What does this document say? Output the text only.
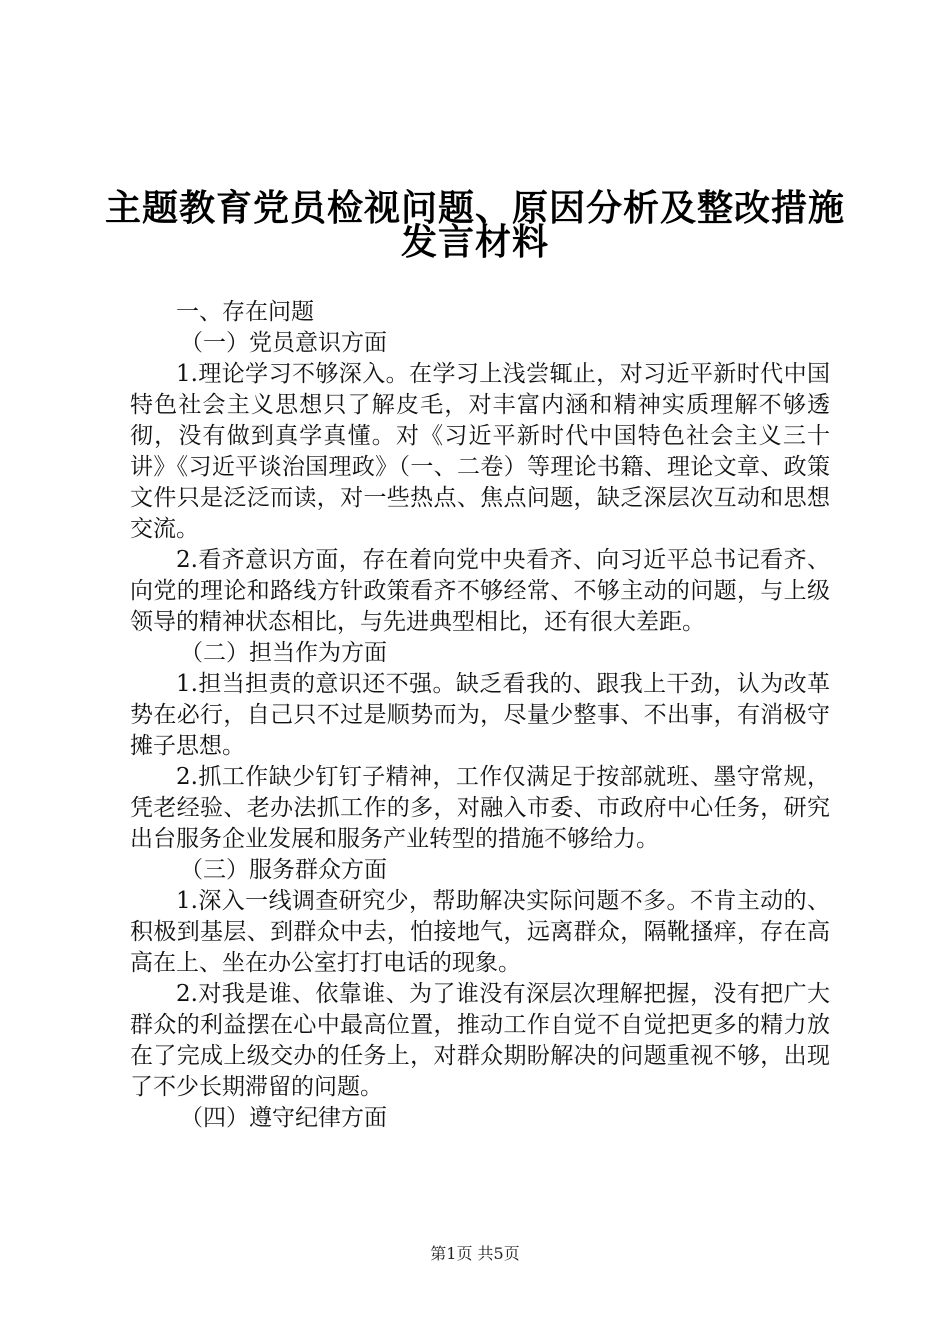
主题教育党员检视问题、原因分析及整改措施
发言材料

一、存在问题

（一）党员意识方面

1.理论学习不够深入。在学习上浅尝辄止，对习近平新时代中国特色社会主义思想只了解皮毛，对丰富内涵和精神实质理解不够透彻，没有做到真学真懂。对《习近平新时代中国特色社会主义三十讲》《习近平谈治国理政》（一、二卷）等理论书籍、理论文章、政策文件只是泛泛而读，对一些热点、焦点问题，缺乏深层次互动和思想交流。

2.看齐意识方面，存在着向党中央看齐、向习近平总书记看齐、向党的理论和路线方针政策看齐不够经常、不够主动的问题，与上级领导的精神状态相比，与先进典型相比，还有很大差距。

（二）担当作为方面

1.担当担责的意识还不强。缺乏看我的、跟我上干劲，认为改革势在必行，自己只不过是顺势而为，尽量少整事、不出事，有消极守摊子思想。

2.抓工作缺少钉钉子精神，工作仅满足于按部就班、墨守常规，凭老经验、老办法抓工作的多，对融入市委、市政府中心任务，研究出台服务企业发展和服务产业转型的措施不够给力。

（三）服务群众方面

1.深入一线调查研究少，帮助解决实际问题不多。不肯主动的、积极到基层、到群众中去，怕接地气，远离群众，隔靴搔痒，存在高高在上、坐在办公室打打电话的现象。

2.对我是谁、依靠谁、为了谁没有深层次理解把握，没有把广大群众的利益摆在心中最高位置，推动工作自觉不自觉把更多的精力放在了完成上级交办的任务上，对群众期盼解决的问题重视不够，出现了不少长期滞留的问题。

（四）遵守纪律方面

第1页 共5页
